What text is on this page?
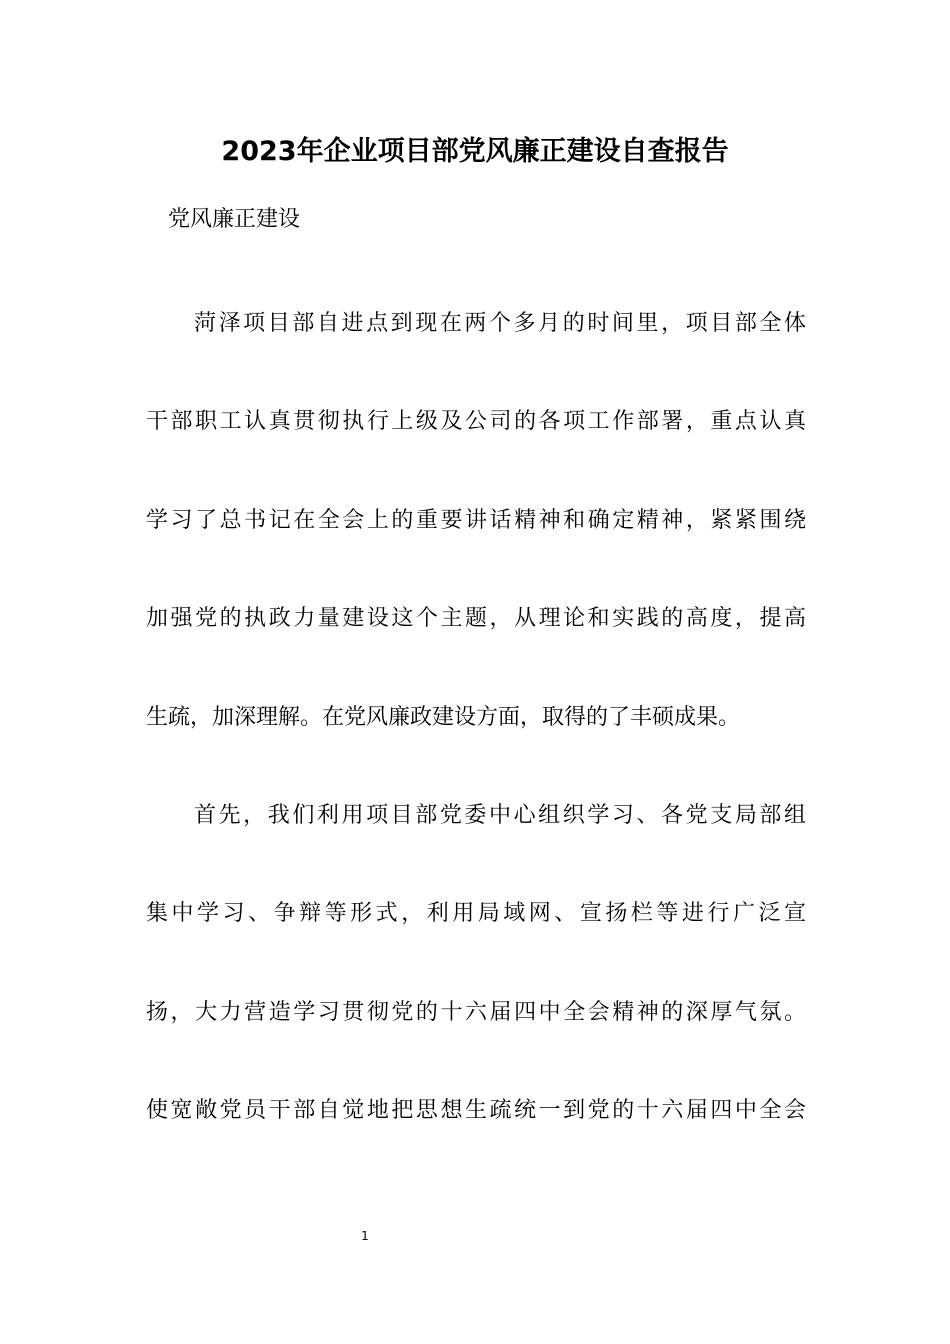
2023年企业项目部党风廉正建设自查报告
党风廉正建设
菏泽项目部自进点到现在两个多月的时间里，项目部全体
干部职工认真贯彻执行上级及公司的各项工作部署，重点认真
学习了总书记在全会上的重要讲话精神和确定精神，紧紧围绕
加强党的执政力量建设这个主题，从理论和实践的高度，提高
生疏，加深理解。在党风廉政建设方面，取得的了丰硕成果。
首先，我们利用项目部党委中心组织学习、各党支局部组
集中学习、争辩等形式，利用局域网、宣扬栏等进行广泛宣
扬，大力营造学习贯彻党的十六届四中全会精神的深厚气氛。
使宽敞党员干部自觉地把思想生疏统一到党的十六届四中全会
1
